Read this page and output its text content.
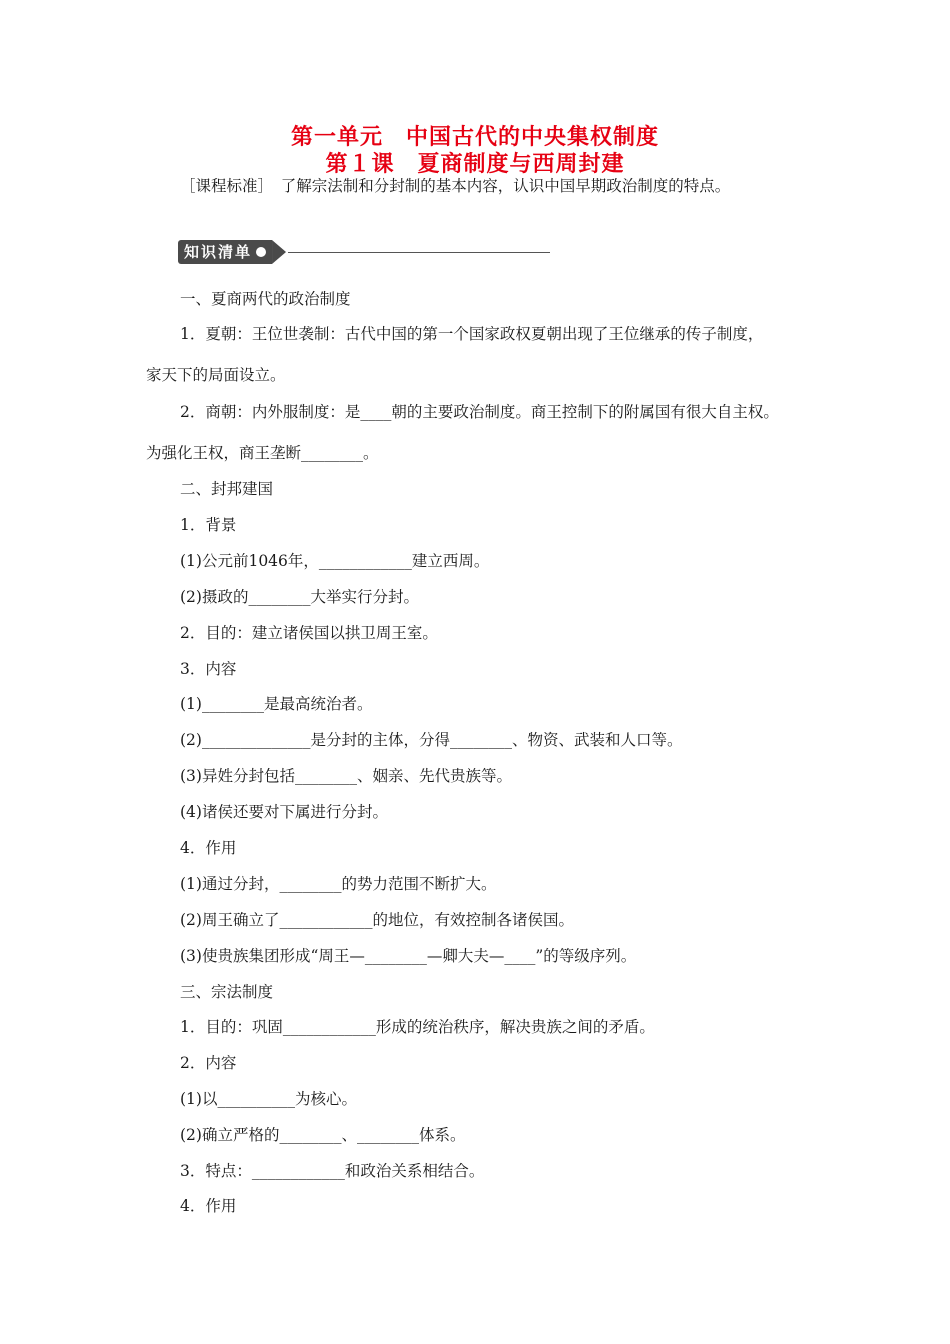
第一单元　中国古代的中央集权制度
第１课　夏商制度与西周封建
［课程标准］　了解宗法制和分封制的基本内容，认识中国早期政治制度的特点。
知识清单
一、夏商两代的政治制度
1．夏朝：王位世袭制：古代中国的第一个国家政权夏朝出现了王位继承的传子制度，
家天下的局面设立。
2．商朝：内外服制度：是____朝的主要政治制度。商王控制下的附属国有很大自主权。
为强化王权，商王垄断________。
二、封邦建国
1．背景
(1)公元前1046年，____________建立西周。
(2)摄政的________大举实行分封。
2．目的：建立诸侯国以拱卫周王室。
3．内容
(1)________是最高统治者。
(2)______________是分封的主体，分得________、物资、武装和人口等。
(3)异姓分封包括________、姻亲、先代贵族等。
(4)诸侯还要对下属进行分封。
4．作用
(1)通过分封，________的势力范围不断扩大。
(2)周王确立了____________的地位，有效控制各诸侯国。
(3)使贵族集团形成“周王—________—卿大夫—____”的等级序列。
三、宗法制度
1．目的：巩固____________形成的统治秩序，解决贵族之间的矛盾。
2．内容
(1)以__________为核心。
(2)确立严格的________、________体系。
3．特点：____________和政治关系相结合。
4．作用
